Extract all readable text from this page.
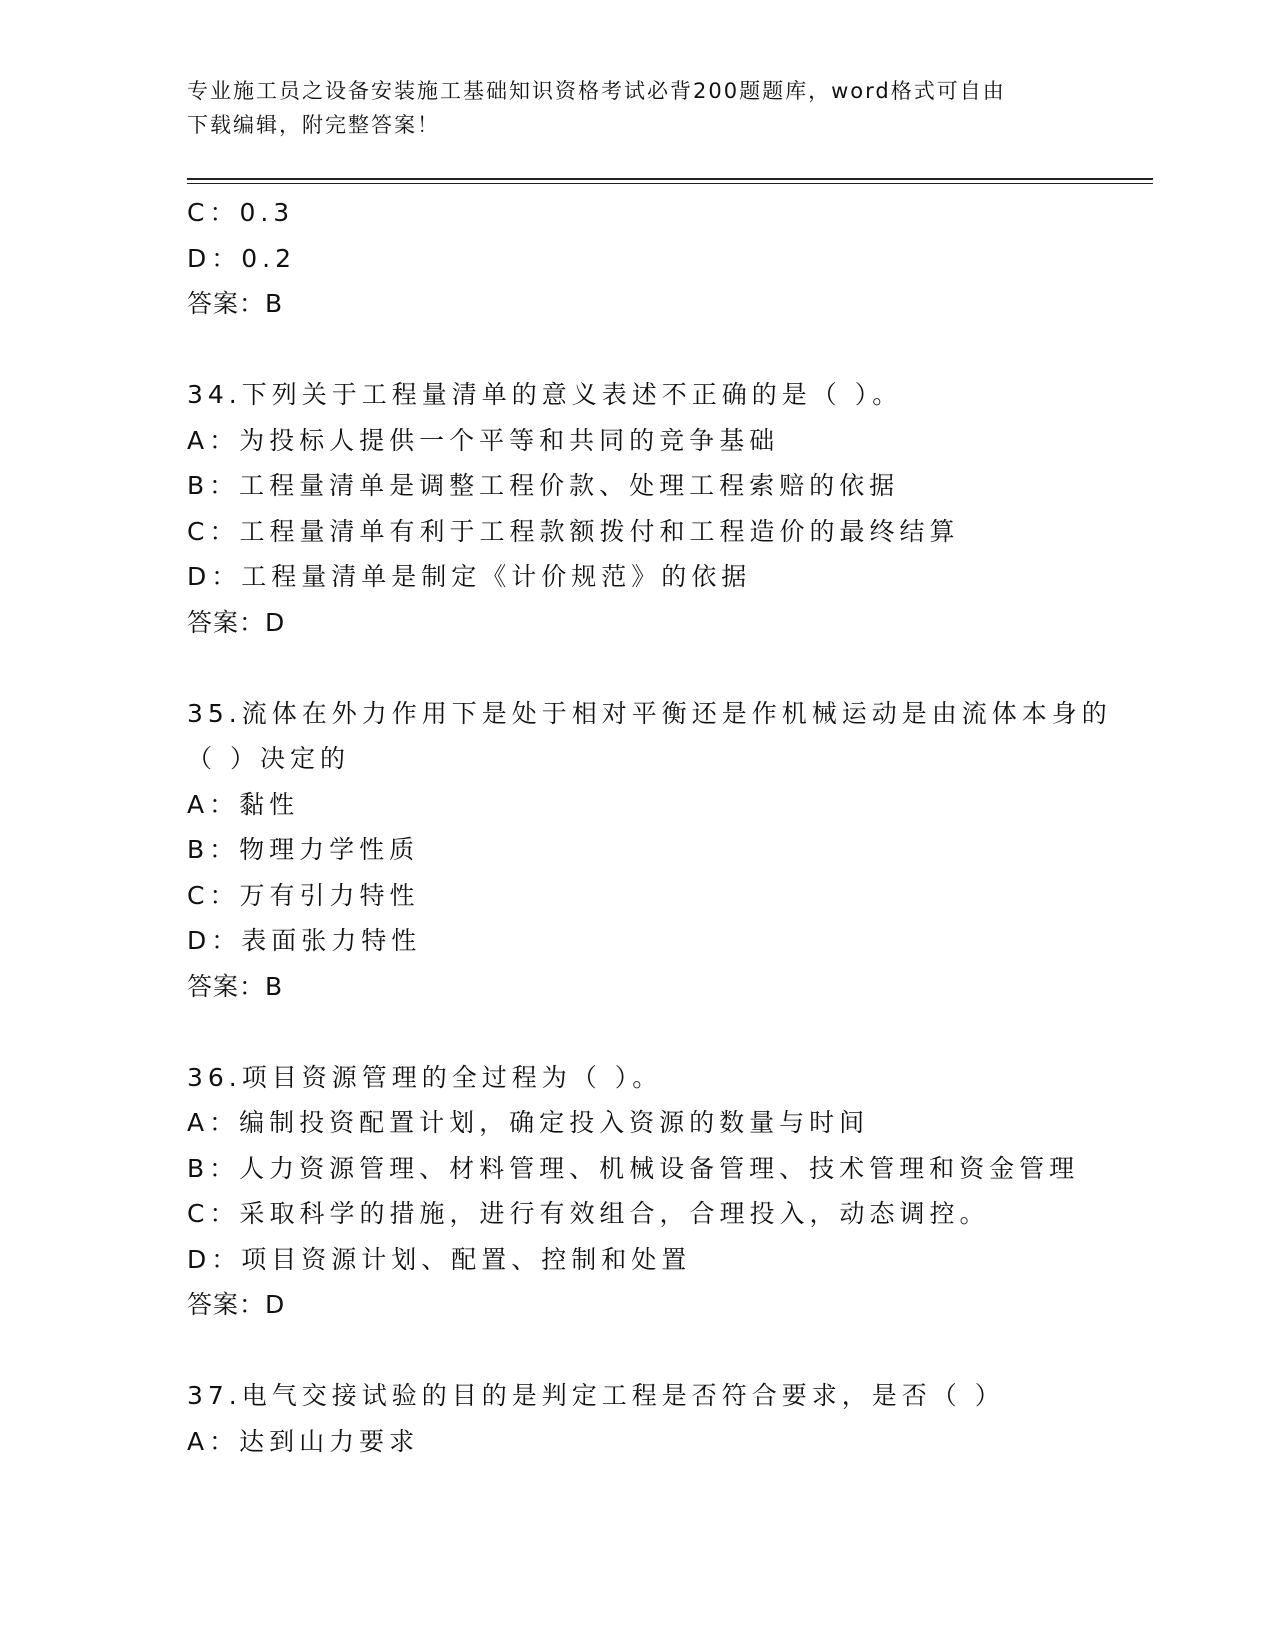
专业施工员之设备安装施工基础知识资格考试必背200题题库，word格式可自由
下载编辑，附完整答案！
C：0.3
D：0.2
答案：B
34.下列关于工程量清单的意义表述不正确的是（ ）。
A：为投标人提供一个平等和共同的竞争基础
B：工程量清单是调整工程价款、处理工程索赔的依据
C：工程量清单有利于工程款额拨付和工程造价的最终结算
D：工程量清单是制定《计价规范》的依据
答案：D
35.流体在外力作用下是处于相对平衡还是作机械运动是由流体本身的
（ ）决定的
A：黏性
B：物理力学性质
C：万有引力特性
D：表面张力特性
答案：B
36.项目资源管理的全过程为（ ）。
A：编制投资配置计划，确定投入资源的数量与时间
B：人力资源管理、材料管理、机械设备管理、技术管理和资金管理
C：采取科学的措施，进行有效组合，合理投入，动态调控。
D：项目资源计划、配置、控制和处置
答案：D
37.电气交接试验的目的是判定工程是否符合要求，是否（ ）
A：达到山力要求
